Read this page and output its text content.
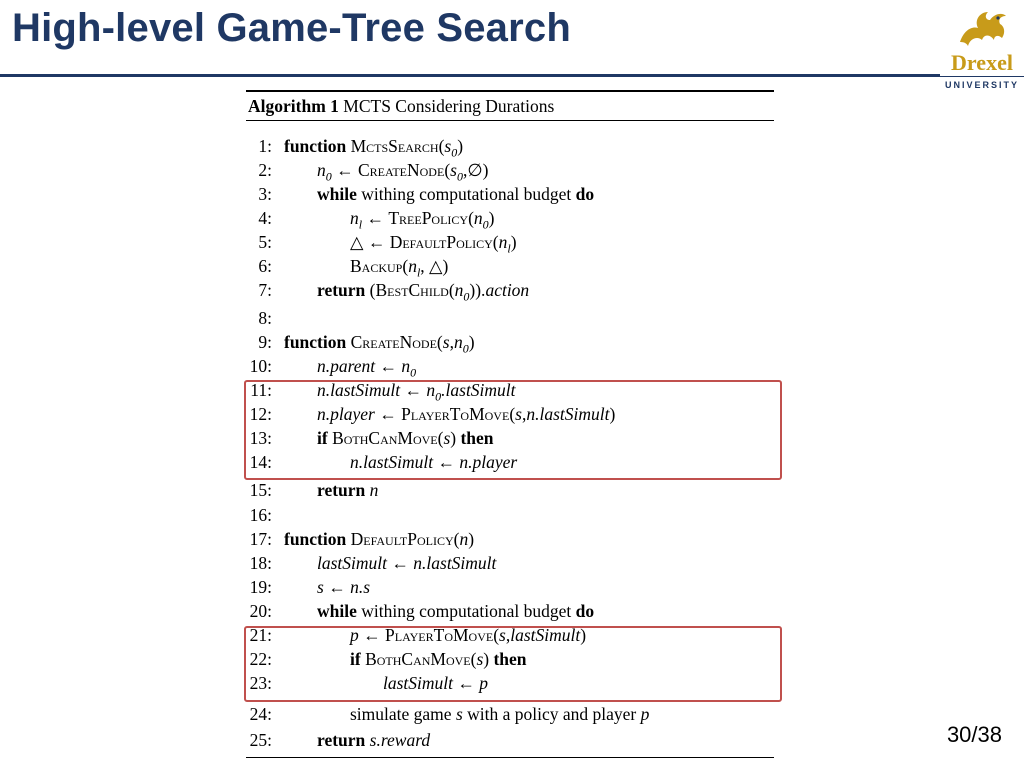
High-level Game-Tree Search
Drexel
UNIVERSITY
Algorithm 1 MCTS Considering Durations
1: function $MctsSearch(s_0)$
2:	$n_0$ ← $CreateNode(s_0,\emptyset)$
3:	while withing computational budget do
4:	$n_l$ ← $TreePolicy(n_0)$
5:	△ ← $DefaultPolicy(n_l)$
6:	$Backup(n_l$, △)
7:	return $(BestChild(n_0)).action$
8:
9: function $CreateNode(s,n_0)$
10:	n.parent ← $n_0$
11:	n.lastSimult ← $n_0.lastSimult$
12:	n.player ← PlayerToMove(s,n.lastSimult)
13:	if BothCanMove(s) then
14:	n.lastSimult ← n.player
15:	return n
16:
17: function DefaultPolicy(n)
18:	lastSimult ← n.lastSimult
19:	s ← n.s
20:	while withing computational budget do
21:	p ← PlayerToMove(s,lastSimult)
22:	if BothCanMove(s) then
23:	lastSimult ← p
24:	simulate game s with a policy and player p
25:	return s.reward	30/38
